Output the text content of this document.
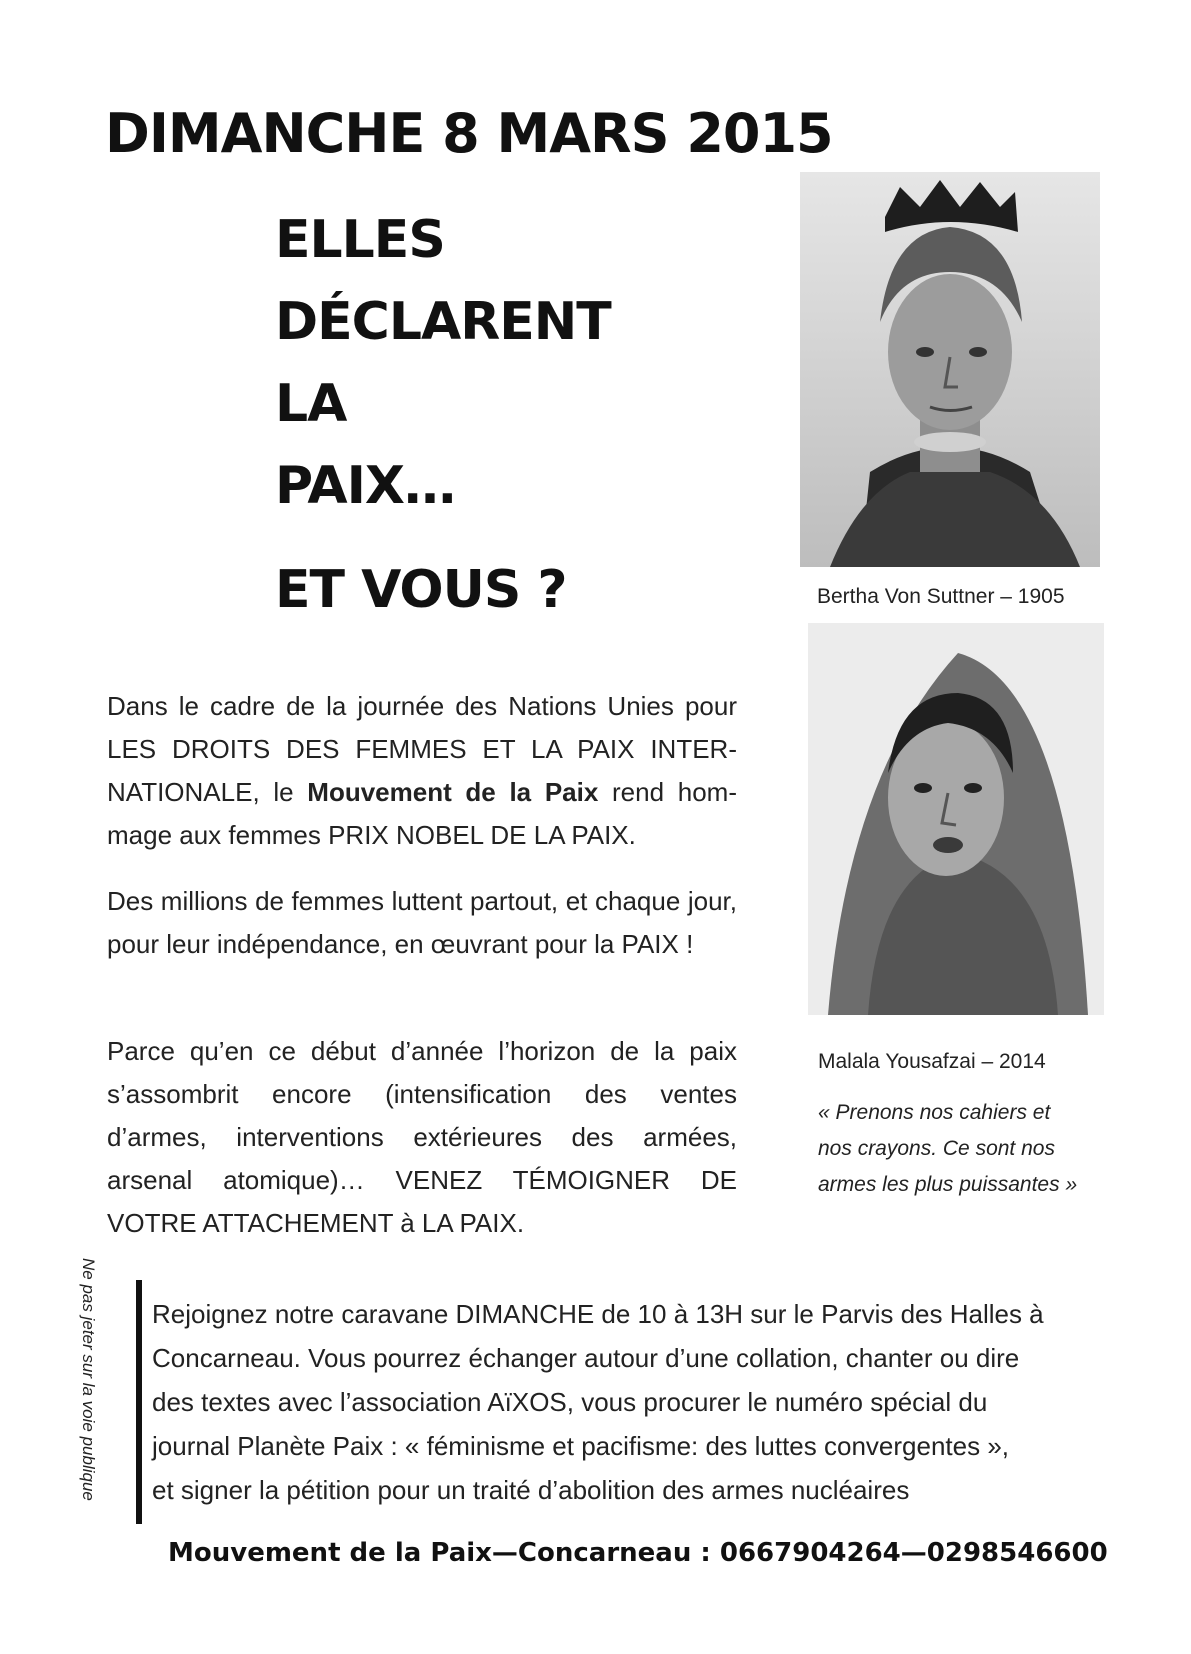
DIMANCHE 8 MARS 2015
ELLES
DÉCLARENT
LA
PAIX…
ET VOUS ?	Bertha Von Suttner – 1905
Malala Yousafzai – 2014
« Prenons nos cahiers et
nos crayons. Ce sont nos
armes les plus puissantes »
Dans le cadre de la journée des Nations Unies pour LES DROITS DES FEMMES ET LA PAIX INTER-NATIONALE, le Mouvement de la Paix rend hom-mage aux femmes PRIX NOBEL DE LA PAIX.
Des millions de femmes luttent partout, et chaque jour, pour leur indépendance, en œuvrant pour la PAIX !
Parce qu’en ce début d’année l’horizon de la paix s’assombrit encore (intensification des ventes d’armes, interventions extérieures des armées, arsenal atomique)… VENEZ TÉMOIGNER DE VOTRE ATTACHEMENT à LA PAIX.
Ne pas jeter sur la voie publique Rejoignez notre caravane DIMANCHE de 10 à 13H sur le Parvis des Halles à
Concarneau. Vous pourrez échanger autour d’une collation, chanter ou dire
des textes avec l’association AïXOS, vous procurer le numéro spécial du
journal Planète Paix : « féminisme et pacifisme: des luttes convergentes »,
et signer la pétition pour un traité d’abolition des armes nucléaires
Mouvement de la Paix—Concarneau : 0667904264—0298546600
